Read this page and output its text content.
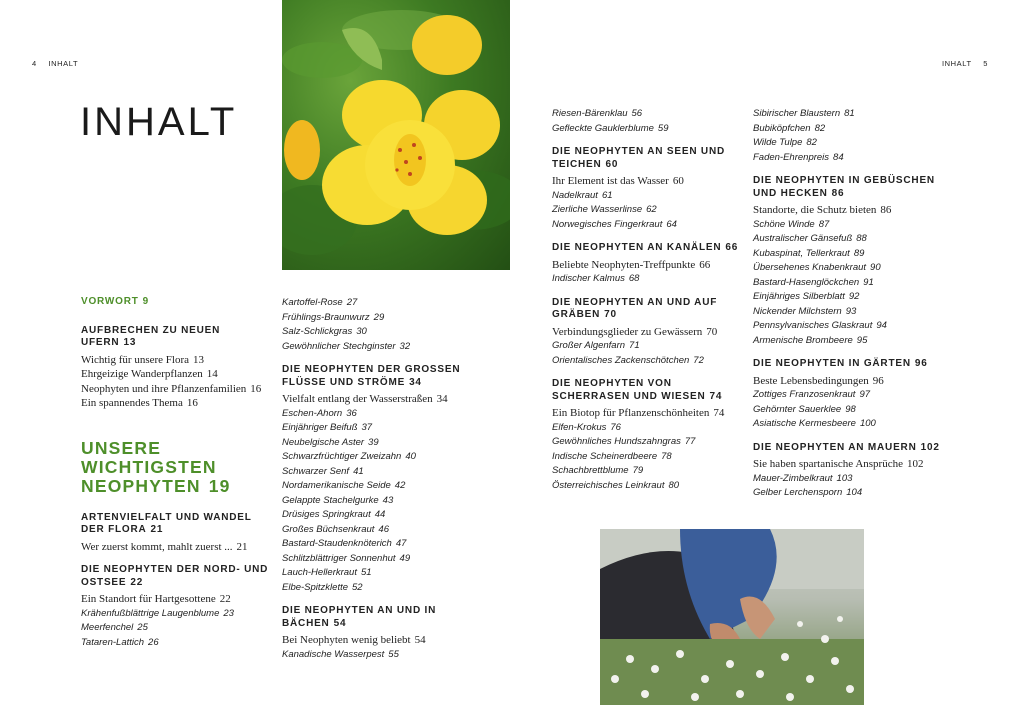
4 INHALT	INHALT 5
INHALT
VORWORT 9
AUFBRECHEN ZU NEUEN UFERN 13
Wichtig für unsere Flora 13
Ehrgeizige Wanderpflanzen 14
Neophyten und ihre Pflanzenfamilien 16
Ein spannendes Thema 16
UNSERE WICHTIGSTEN NEOPHYTEN 19
ARTENVIELFALT UND WANDEL DER FLORA 21
Wer zuerst kommt, mahlt zuerst ... 21
DIE NEOPHYTEN DER NORD- UND OSTSEE 22
Ein Standort für Hartgesottene 22
Krähenfußblättrige Laugenblume 23
Meerfenchel 25
Tataren-Lattich 26
Kartoffel-Rose 27
Frühlings-Braunwurz 29
Salz-Schlickgras 30
Gewöhnlicher Stechginster 32
DIE NEOPHYTEN DER GROSSEN FLÜSSE UND STRÖME 34
Vielfalt entlang der Wasserstraßen 34
Eschen-Ahorn 36
Einjähriger Beifuß 37
Neubelgische Aster 39
Schwarzfrüchtiger Zweizahn 40
Schwarzer Senf 41
Nordamerikanische Seide 42
Gelappte Stachelgurke 43
Drüsiges Springkraut 44
Großes Büchsenkraut 46
Bastard-Staudenknöterich 47
Schlitzblättriger Sonnenhut 49
Lauch-Hellerkraut 51
Elbe-Spitzklette 52
DIE NEOPHYTEN AN UND IN BÄCHEN 54
Bei Neophyten wenig beliebt 54
Kanadische Wasserpest 55
Riesen-Bärenklau 56
Gefleckte Gauklerblume 59
DIE NEOPHYTEN AN SEEN UND TEICHEN 60
Ihr Element ist das Wasser 60
Nadelkraut 61
Zierliche Wasserlinse 62
Norwegisches Fingerkraut 64
DIE NEOPHYTEN AN KANÄLEN 66
Beliebte Neophyten-Treffpunkte 66
Indischer Kalmus 68
DIE NEOPHYTEN AN UND AUF GRÄBEN 70
Verbindungsglieder zu Gewässern 70
Großer Algenfarn 71
Orientalisches Zackenschötchen 72
DIE NEOPHYTEN VON SCHERRASEN UND WIESEN 74
Ein Biotop für Pflanzenschönheiten 74
Elfen-Krokus 76
Gewöhnliches Hundszahngras 77
Indische Scheinerdbeere 78
Schachbrettblume 79
Österreichisches Leinkraut 80
Sibirischer Blaustern 81
Bubiköpfchen 82
Wilde Tulpe 82
Faden-Ehrenpreis 84
DIE NEOPHYTEN IN GEBÜSCHEN UND HECKEN 86
Standorte, die Schutz bieten 86
Schöne Winde 87
Australischer Gänsefuß 88
Kubaspinat, Tellerkraut 89
Übersehenes Knabenkraut 90
Bastard-Hasenglöckchen 91
Einjähriges Silberblatt 92
Nickender Milchstern 93
Pennsylvanisches Glaskraut 94
Armenische Brombeere 95
DIE NEOPHYTEN IN GÄRTEN 96
Beste Lebensbedingungen 96
Zottiges Franzosenkraut 97
Gehörnter Sauerklee 98
Asiatische Kermesbeere 100
DIE NEOPHYTEN AN MAUERN 102
Sie haben spartanische Ansprüche 102
Mauer-Zimbelkraut 103
Gelber Lerchensporn 104
